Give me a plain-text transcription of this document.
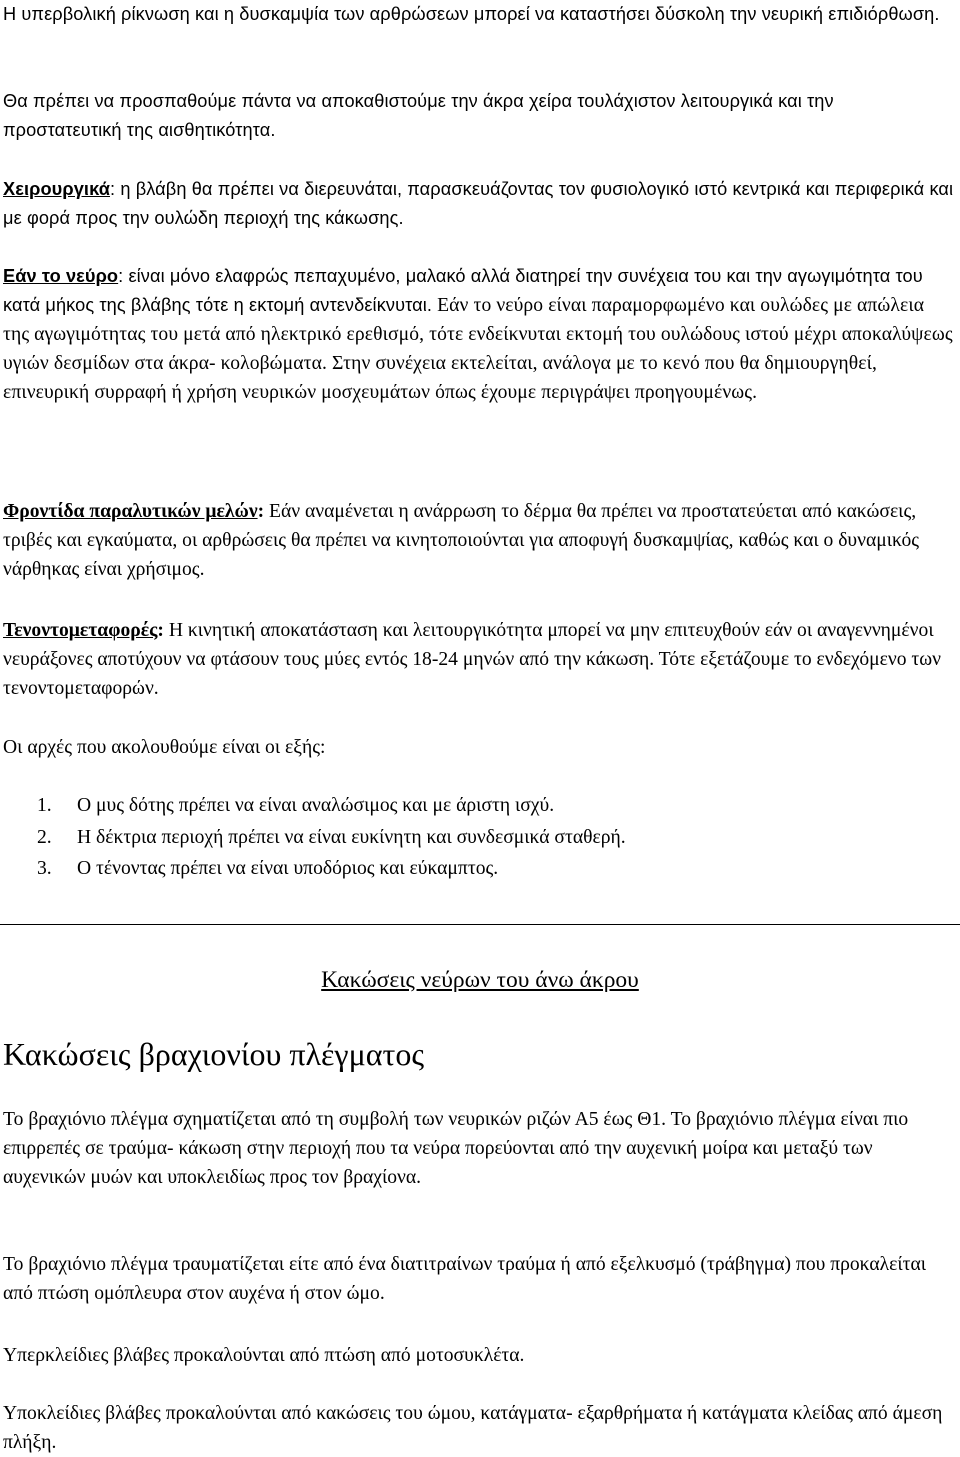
Η υπερβολική ρίκνωση και η δυσκαμψία των αρθρώσεων μπορεί να καταστήσει δύσκολη την νευρική επιδιόρθωση.

Θα πρέπει να προσπαθούμε πάντα να αποκαθιστούμε την άκρα χείρα τουλάχιστον λειτουργικά και την προστατευτική της αισθητικότητα.

Χειρουργικά: η βλάβη θα πρέπει να διερευνάται, παρασκευάζοντας τον φυσιολογικό ιστό κεντρικά και περιφερικά και με φορά προς την ουλώδη περιοχή της κάκωσης.

Εάν το νεύρο: είναι μόνο ελαφρώς πεπαχυμένο, μαλακό αλλά διατηρεί την συνέχεια του και την αγωγιμότητα του κατά μήκος της βλάβης τότε η εκτομή αντενδείκνυται. Εάν το νεύρο είναι παραμορφωμένο και ουλώδες με απώλεια της αγωγιμότητας του μετά από ηλεκτρικό ερεθισμό, τότε ενδείκνυται εκτομή του ουλώδους ιστού μέχρι αποκαλύψεως υγιών δεσμίδων στα άκρα- κολοβώματα. Στην συνέχεια εκτελείται, ανάλογα με το κενό που θα δημιουργηθεί, επινευρική συρραφή ή χρήση νευρικών μοσχευμάτων όπως έχουμε περιγράψει προηγουμένως.

Φροντίδα παραλυτικών μελών: Εάν αναμένεται η ανάρρωση το δέρμα θα πρέπει να προστατεύεται από κακώσεις, τριβές και εγκαύματα, οι αρθρώσεις θα πρέπει να κινητοποιούνται για αποφυγή δυσκαμψίας, καθώς και ο δυναμικός νάρθηκας είναι χρήσιμος.

Τενοντομεταφορές: Η κινητική αποκατάσταση και λειτουργικότητα μπορεί να μην επιτευχθούν εάν οι αναγεννημένοι νευράξονες αποτύχουν να φτάσουν τους μύες εντός 18-24 μηνών από την κάκωση. Τότε εξετάζουμε το ενδεχόμενο των τενοντομεταφορών.

Οι αρχές που ακολουθούμε είναι οι εξής:

1. Ο μυς δότης πρέπει να είναι αναλώσιμος και με άριστη ισχύ.
2. Η δέκτρια περιοχή πρέπει να είναι ευκίνητη και συνδεσμικά σταθερή.
3. Ο τένοντας πρέπει να είναι υποδόριος και εύκαμπτος.
Κακώσεις νεύρων του άνω άκρου
Κακώσεις βραχιονίου πλέγματος

Το βραχιόνιο πλέγμα σχηματίζεται από τη συμβολή των νευρικών ριζών Α5 έως Θ1. Το βραχιόνιο πλέγμα είναι πιο επιρρεπές σε τραύμα- κάκωση στην περιοχή που τα νεύρα πορεύονται από την αυχενική μοίρα και μεταξύ των αυχενικών μυών και υποκλειδίως προς τον βραχίονα.

Το βραχιόνιο πλέγμα τραυματίζεται είτε από ένα διατιτραίνων τραύμα ή από εξελκυσμό (τράβηγμα) που προκαλείται από πτώση ομόπλευρα στον αυχένα ή στον ώμο.

Υπερκλείδιες βλάβες προκαλούνται από πτώση από μοτοσυκλέτα.

Υποκλείδιες βλάβες προκαλούνται από κακώσεις του ώμου, κατάγματα- εξαρθρήματα ή κατάγματα κλείδας από άμεση πλήξη.
